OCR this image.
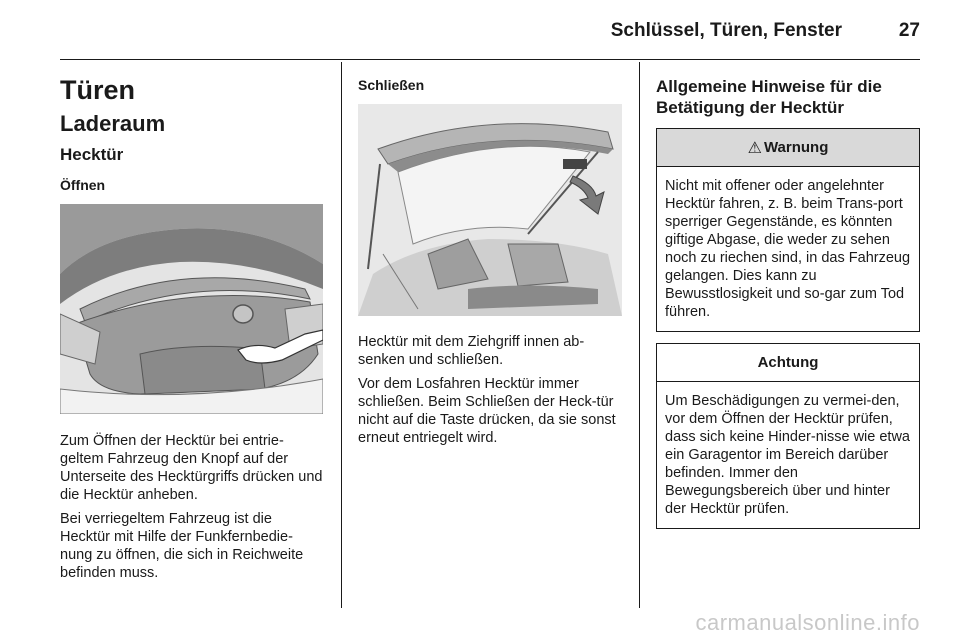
Schlüssel, Türen, Fenster	27
Türen
Laderaum
Hecktür
Öffnen

Zum Öffnen der Hecktür bei entrie-geltem Fahrzeug den Knopf auf der Unterseite des Hecktürgriffs drücken und die Hecktür anheben.

Bei verriegeltem Fahrzeug ist die Hecktür mit Hilfe der Funkfernbedie-nung zu öffnen, die sich in Reichweite befinden muss.

Schließen

Hecktür mit dem Ziehgriff innen ab-senken und schließen.

Vor dem Losfahren Hecktür immer schließen. Beim Schließen der Heck-tür nicht auf die Taste drücken, da sie sonst erneut entriegelt wird.

Allgemeine Hinweise für die Betätigung der Hecktür
⚠ Warnung

Nicht mit offener oder angelehnter Hecktür fahren, z. B. beim Trans-port sperriger Gegenstände, es könnten giftige Abgase, die weder zu sehen noch zu riechen sind, in das Fahrzeug gelangen. Dies kann zu Bewusstlosigkeit und so-gar zum Tod führen.

Achtung

Um Beschädigungen zu vermei-den, vor dem Öffnen der Hecktür prüfen, dass sich keine Hinder-nisse wie etwa ein Garagentor im Bereich darüber befinden. Immer den Bewegungsbereich über und hinter der Hecktür prüfen.

carmanualsonline.info
